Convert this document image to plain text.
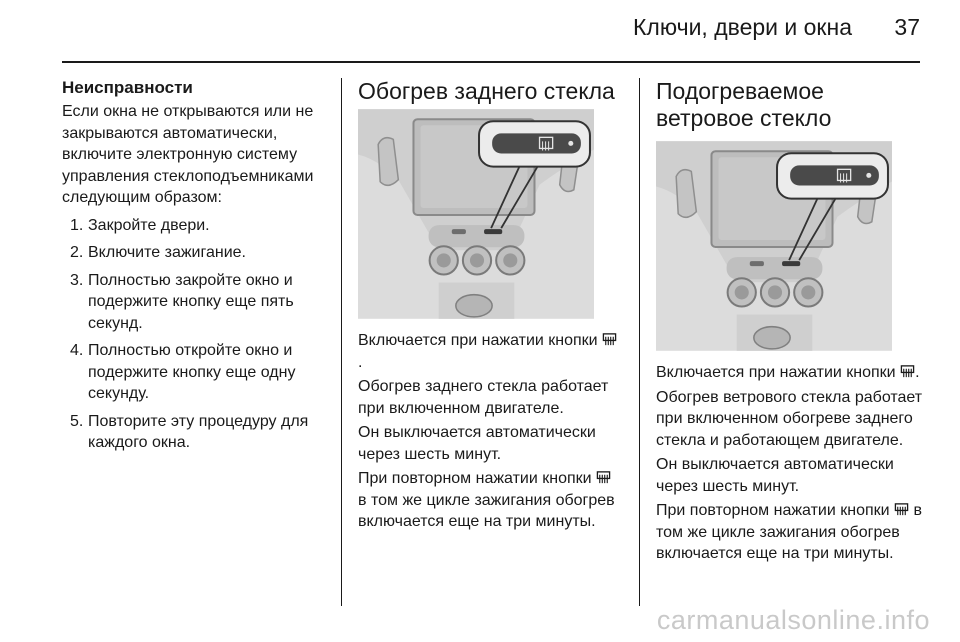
Ключи, двери и окна 37

Неисправности

Если окна не открываются или не закрываются автоматически, включите электронную систему управления стеклоподъемниками следующим образом:

1. Закройте двери.
2. Включите зажигание.
3. Полностью закройте окно и подержите кнопку еще пять секунд.
4. Полностью откройте окно и подержите кнопку еще одну секунду.
5. Повторите эту процедуру для каждого окна.

Обогрев заднего стекла

Включается при нажатии кнопки .

Обогрев заднего стекла работает при включенном двигателе.

Он выключается автоматически через шесть минут.

При повторном нажатии кнопки  в том же цикле зажигания обогрев включается еще на три минуты.

Подогреваемое
ветровое стекло

Включается при нажатии кнопки .

Обогрев ветрового стекла работает при включенном обогреве заднего стекла и работающем двигателе.

Он выключается автоматически через шесть минут.

При повторном нажатии кнопки в том же цикле зажигания обогрев включается еще на три минуты.

carmanualsonline.info
